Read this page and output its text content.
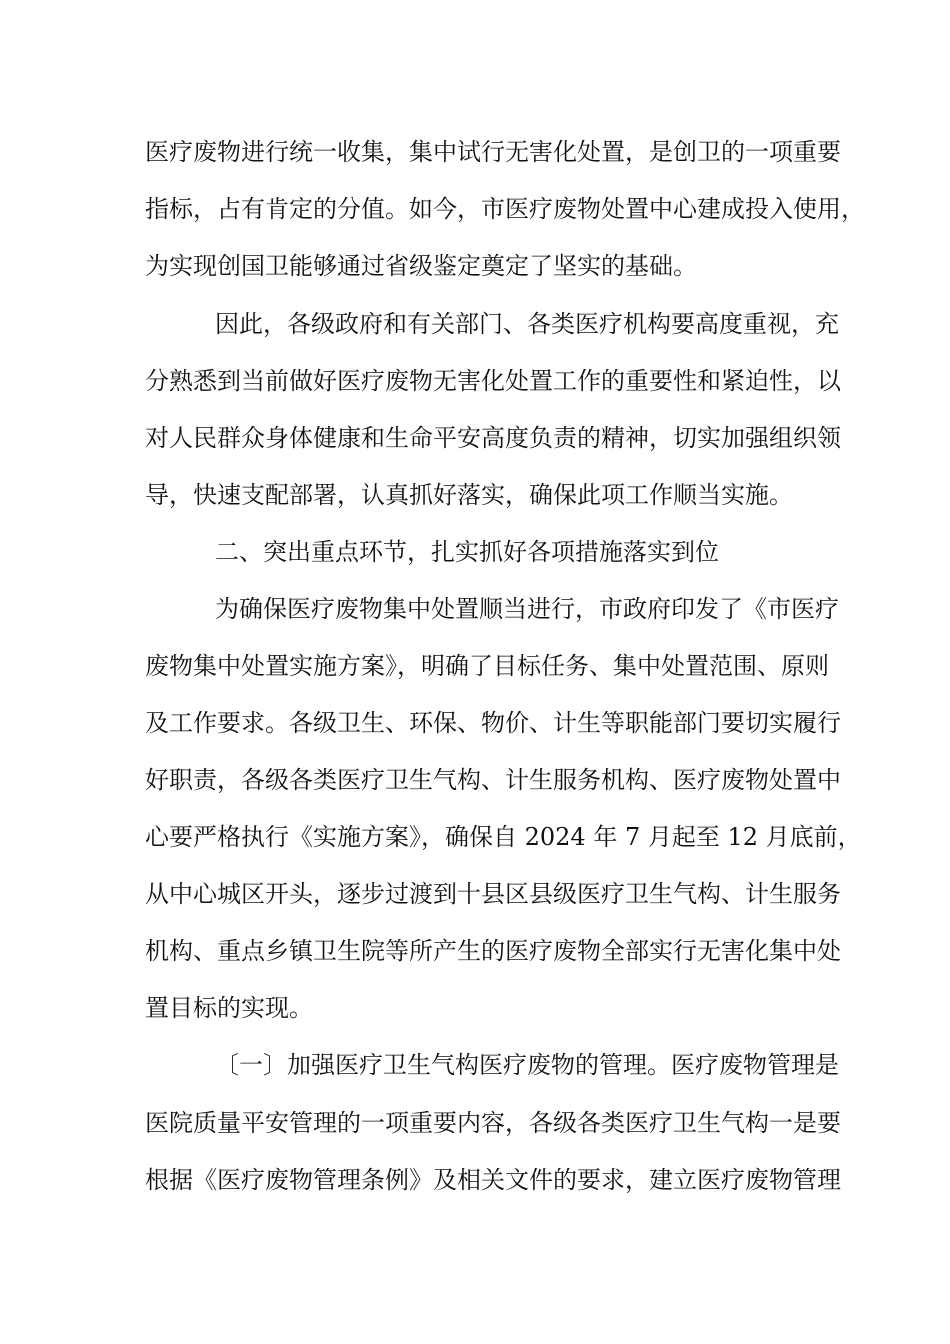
医疗废物进行统一收集，集中试行无害化处置，是创卫的一项重要
指标，占有肯定的分值。如今，市医疗废物处置中心建成投入使用，
为实现创国卫能够通过省级鉴定奠定了坚实的基础。
因此，各级政府和有关部门、各类医疗机构要高度重视，充
分熟悉到当前做好医疗废物无害化处置工作的重要性和紧迫性，以
对人民群众身体健康和生命平安高度负责的精神，切实加强组织领
导，快速支配部署，认真抓好落实，确保此项工作顺当实施。
二、突出重点环节，扎实抓好各项措施落实到位
为确保医疗废物集中处置顺当进行，市政府印发了《市医疗
废物集中处置实施方案》，明确了目标任务、集中处置范围、原则
及工作要求。各级卫生、环保、物价、计生等职能部门要切实履行
好职责，各级各类医疗卫生气构、计生服务机构、医疗废物处置中
心要严格执行《实施方案》，确保自 2024 年 7 月起至 12 月底前，
从中心城区开头，逐步过渡到十县区县级医疗卫生气构、计生服务
机构、重点乡镇卫生院等所产生的医疗废物全部实行无害化集中处
置目标的实现。
〔一〕加强医疗卫生气构医疗废物的管理。医疗废物管理是
医院质量平安管理的一项重要内容，各级各类医疗卫生气构一是要
根据《医疗废物管理条例》及相关文件的要求，建立医疗废物管理
